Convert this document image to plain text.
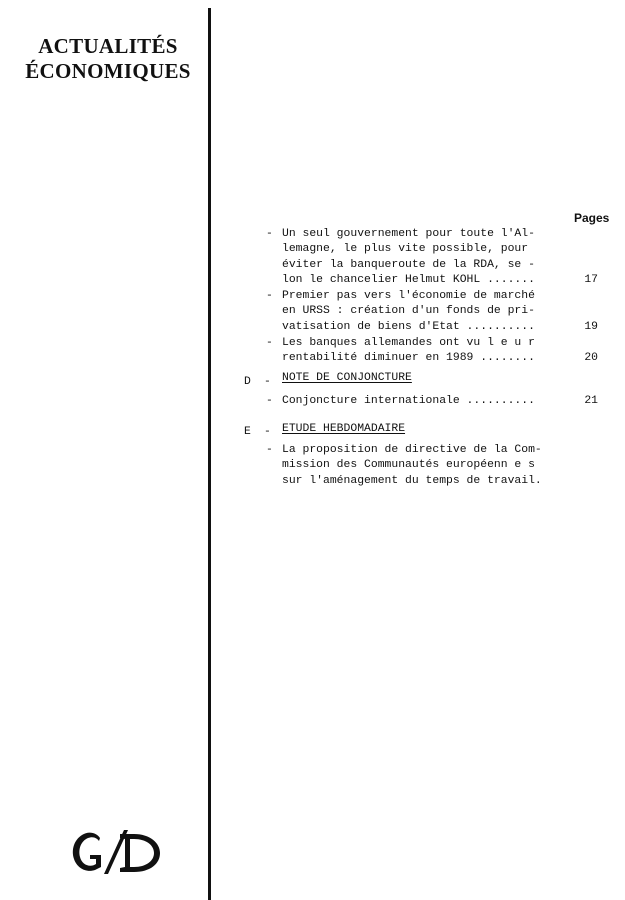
ACTUALITÉS
ÉCONOMIQUES
Pages
- Un seul gouvernement pour toute l'Al-
lemagne, le plus vite possible, pour
éviter la banqueroute de la RDA, se -
lon le chancelier Helmut KOHL .......	17
- Premier pas vers l'économie de marché
en URSS : création d'un fonds de pri-
vatisation de biens d'Etat ..........	19
- Les banques allemandes ont vu l e u r
rentabilité diminuer en 1989 ........	20
D - NOTE DE CONJONCTURE
- Conjoncture internationale ..........	21
E - ETUDE HEBDOMADAIRE
- La proposition de directive de la Com-
mission des Communautés européenn e s
sur l'aménagement du temps de travail.
